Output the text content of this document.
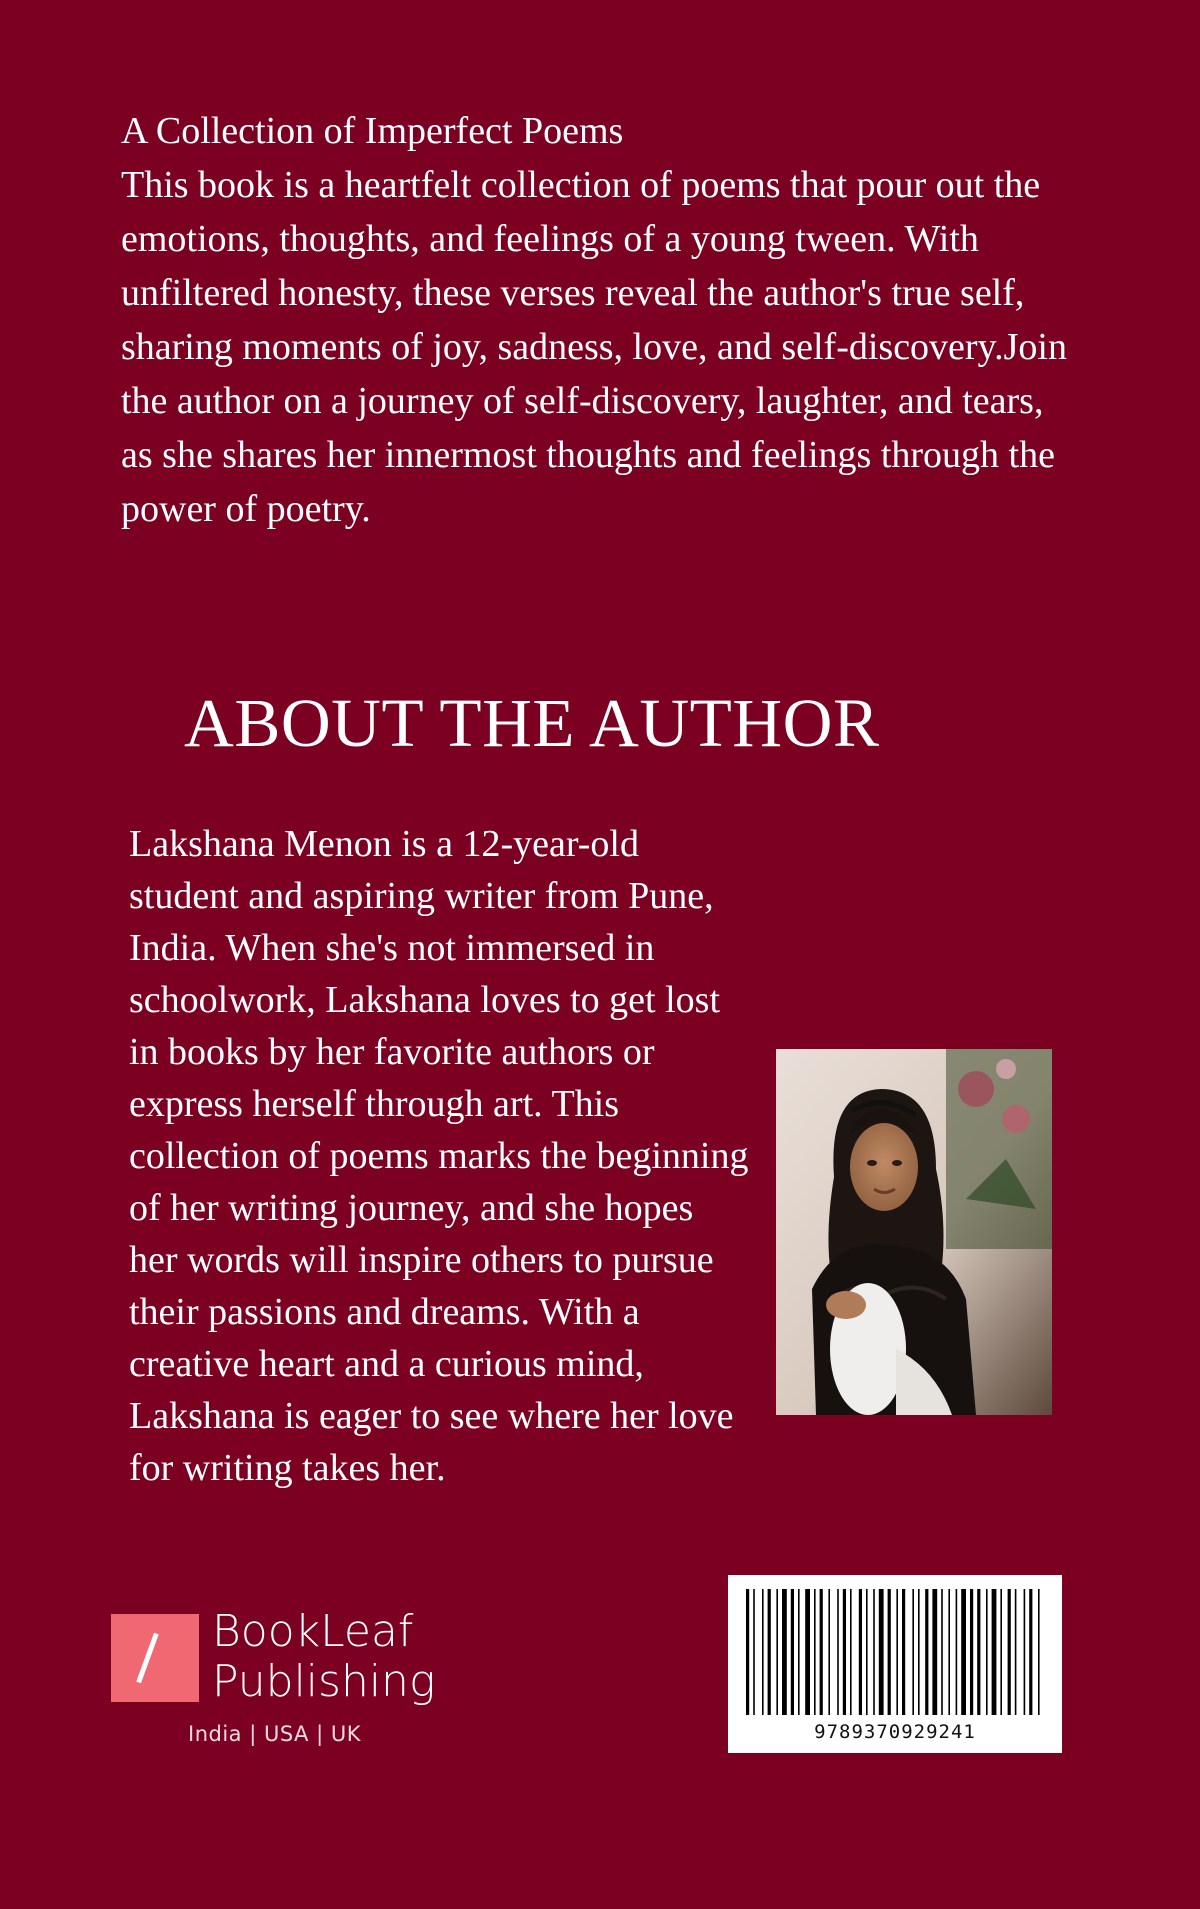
A Collection of Imperfect Poems
This book is a heartfelt collection of poems that pour out the emotions, thoughts, and feelings of a young tween. With unfiltered honesty, these verses reveal the author's true self, sharing moments of joy, sadness, love, and self-discovery.Join the author on a journey of self-discovery, laughter, and tears, as she shares her innermost thoughts and feelings through the power of poetry.
ABOUT THE AUTHOR
Lakshana Menon is a 12-year-old student and aspiring writer from Pune, India. When she's not immersed in schoolwork, Lakshana loves to get lost in books by her favorite authors or express herself through art. This collection of poems marks the beginning of her writing journey, and she hopes her words will inspire others to pursue their passions and dreams. With a creative heart and a curious mind, Lakshana is eager to see where her love for writing takes her.
BookLeaf
Publishing
India | USA | UK	9789370929241
